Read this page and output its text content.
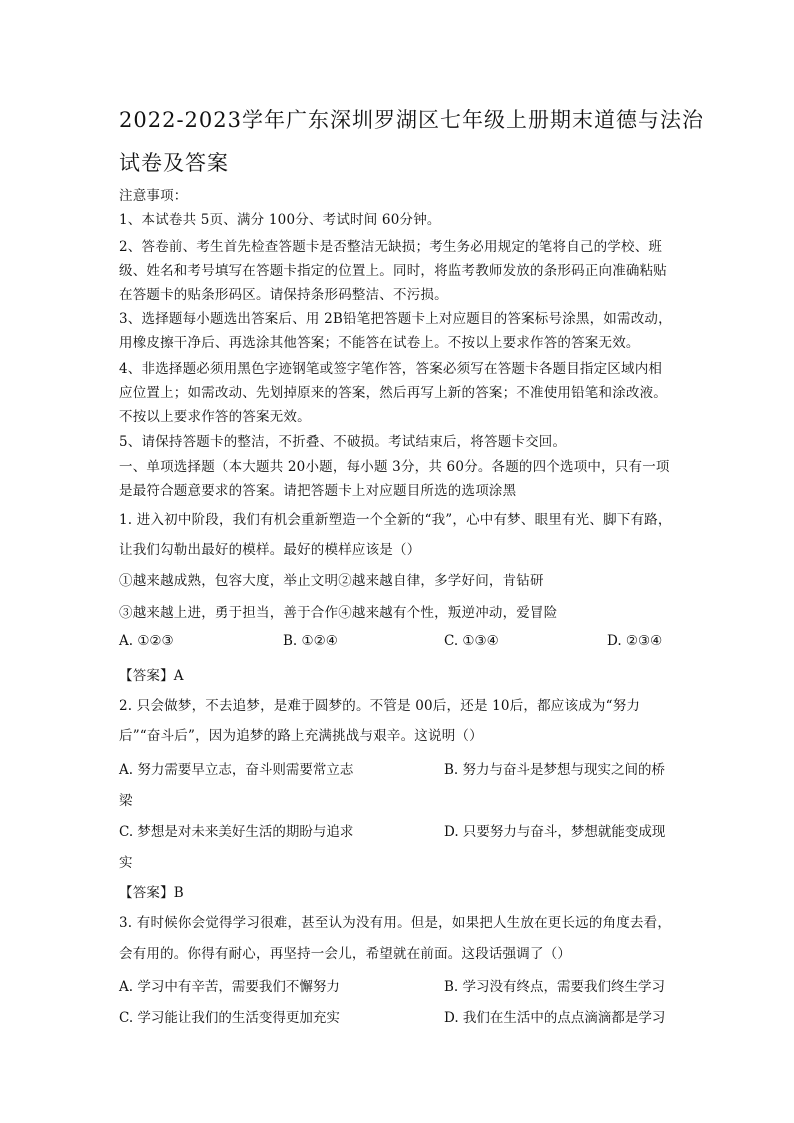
2022-2023学年广东深圳罗湖区七年级上册期末道德与法治
试卷及答案
注意事项：
1、本试卷共 5页、满分 100分、考试时间 60分钟。
2、答卷前、考生首先检查答题卡是否整洁无缺损；考生务必用规定的笔将自己的学校、班
级、姓名和考号填写在答题卡指定的位置上。同时，将监考教师发放的条形码正向准确粘贴
在答题卡的贴条形码区。请保持条形码整洁、不污损。
3、选择题每小题选出答案后、用 2B铅笔把答题卡上对应题目的答案标号涂黑，如需改动，
用橡皮擦干净后、再选涂其他答案；不能答在试卷上。不按以上要求作答的答案无效。
4、非选择题必须用黑色字迹钢笔或签字笔作答，答案必须写在答题卡各题目指定区域内相
应位置上；如需改动、先划掉原来的答案，然后再写上新的答案；不准使用铅笔和涂改液。
不按以上要求作答的答案无效。
5、请保持答题卡的整洁，不折叠、不破损。考试结束后，将答题卡交回。
一、单项选择题（本大题共 20小题，每小题 3分，共 60分。各题的四个选项中，只有一项
是最符合题意要求的答案。请把答题卡上对应题目所选的选项涂黑
1. 进入初中阶段，我们有机会重新塑造一个全新的“我”，心中有梦、眼里有光、脚下有路，
让我们勾勒出最好的模样。最好的模样应该是（）
①越来越成熟，包容大度，举止文明②越来越自律，多学好问，肯钻研
③越来越上进，勇于担当，善于合作④越来越有个性，叛逆冲动，爱冒险
A. ①②③	B. ①②④	C. ①③④	D. ②③④
【答案】A
2. 只会做梦，不去追梦，是难于圆梦的。不管是 00后，还是 10后，都应该成为“努力
后”“奋斗后”，因为追梦的路上充满挑战与艰辛。这说明（）
A. 努力需要早立志，奋斗则需要常立志	B. 努力与奋斗是梦想与现实之间的桥
梁
C. 梦想是对未来美好生活的期盼与追求	D. 只要努力与奋斗，梦想就能变成现
实
【答案】B
3. 有时候你会觉得学习很难，甚至认为没有用。但是，如果把人生放在更长远的角度去看，
会有用的。你得有耐心，再坚持一会儿，希望就在前面。这段话强调了（）
A. 学习中有辛苦，需要我们不懈努力	B. 学习没有终点，需要我们终生学习
C. 学习能让我们的生活变得更加充实	D. 我们在生活中的点点滴滴都是学习
